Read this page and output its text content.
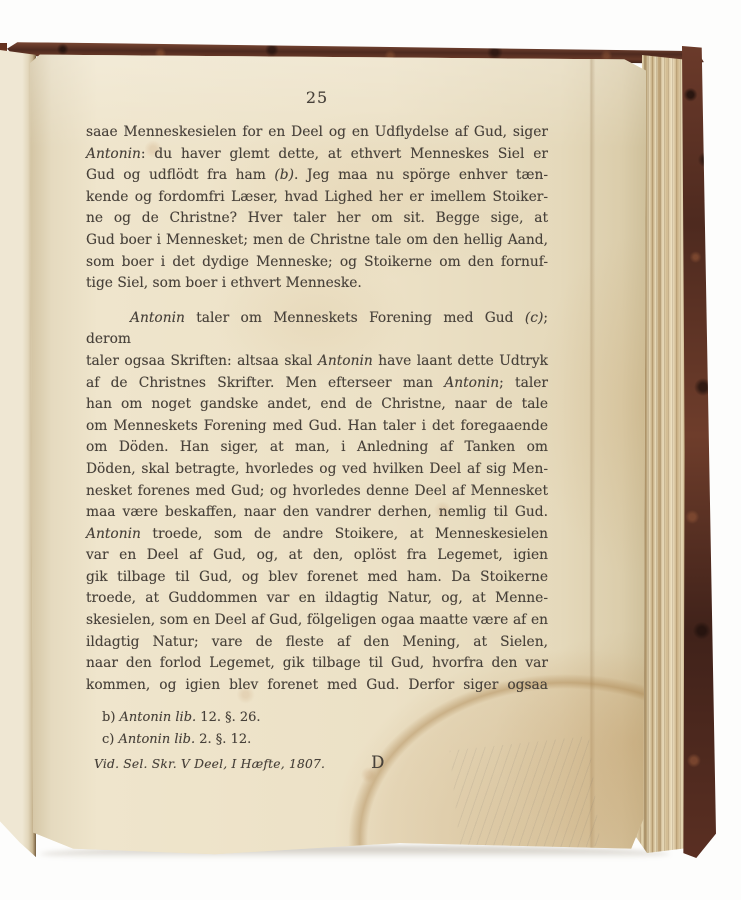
25
saae Menneskesielen for en Deel og en Udflydelse af Gud, siger
Antonin: du haver glemt dette, at ethvert Menneskes Siel er
Gud og udflödt fra ham (b). Jeg maa nu spörge enhver tæn-
kende og fordomfri Læser, hvad Lighed her er imellem Stoiker-
ne og de Christne? Hver taler her om sit. Begge sige, at
Gud boer i Mennesket; men de Christne tale om den hellig Aand,
som boer i det dydige Menneske; og Stoikerne om den fornuf-
tige Siel, som boer i ethvert Menneske.
Antonin taler om Menneskets Forening med Gud (c); derom
taler ogsaa Skriften: altsaa skal Antonin have laant dette Udtryk
af de Christnes Skrifter. Men efterseer man Antonin; taler
han om noget gandske andet, end de Christne, naar de tale
om Menneskets Forening med Gud. Han taler i det foregaaende
om Döden. Han siger, at man, i Anledning af Tanken om
Döden, skal betragte, hvorledes og ved hvilken Deel af sig Men-
nesket forenes med Gud; og hvorledes denne Deel af Mennesket
maa være beskaffen, naar den vandrer derhen, nemlig til Gud.
Antonin troede, som de andre Stoikere, at Menneskesielen
var en Deel af Gud, og, at den, oplöst fra Legemet, igien
gik tilbage til Gud, og blev forenet med ham. Da Stoikerne
troede, at Guddommen var en ildagtig Natur, og, at Menne-
skesielen, som en Deel af Gud, fölgeligen ogaa maatte være af en
ildagtig Natur; vare de fleste af den Mening, at Sielen,
naar den forlod Legemet, gik tilbage til Gud, hvorfra den var
kommen, og igien blev forenet med Gud. Derfor siger ogsaa
b) Antonin lib. 12. §. 26.
c) Antonin lib. 2. §. 12.
Vid. Sel. Skr. V Deel, I Hæfte, 1807.	D
